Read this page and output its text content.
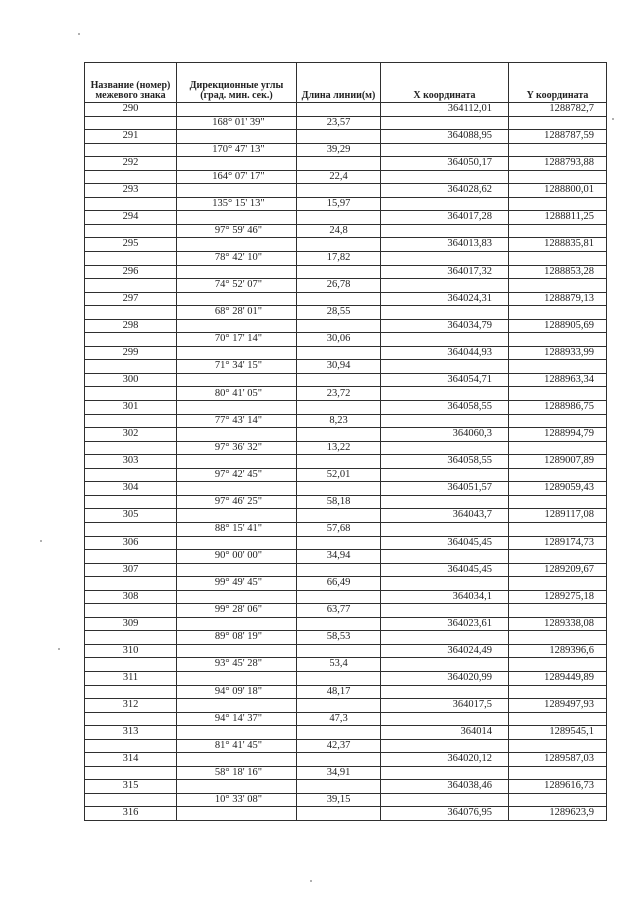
Название (номер) межевого знака	Дирекционные углы (град. мин. сек.)	Длина линии(м)	X координата	Y координата
290			364112,01	1288782,7
	168° 01' 39"	23,57		
291			364088,95	1288787,59
	170° 47' 13"	39,29		
292			364050,17	1288793,88
	164° 07' 17"	22,4		
293			364028,62	1288800,01
	135° 15' 13"	15,97		
294			364017,28	1288811,25
	97° 59' 46"	24,8		
295			364013,83	1288835,81
	78° 42' 10"	17,82		
296			364017,32	1288853,28
	74° 52' 07"	26,78		
297			364024,31	1288879,13
	68° 28' 01"	28,55		
298			364034,79	1288905,69
	70° 17' 14"	30,06		
299			364044,93	1288933,99
	71° 34' 15"	30,94		
300			364054,71	1288963,34
	80° 41' 05"	23,72		
301			364058,55	1288986,75
	77° 43' 14"	8,23		
302			364060,3	1288994,79
	97° 36' 32"	13,22		
303			364058,55	1289007,89
	97° 42' 45"	52,01		
304			364051,57	1289059,43
	97° 46' 25"	58,18		
305			364043,7	1289117,08
	88° 15' 41"	57,68		
306			364045,45	1289174,73
	90° 00' 00"	34,94		
307			364045,45	1289209,67
	99° 49' 45"	66,49		
308			364034,1	1289275,18
	99° 28' 06"	63,77		
309			364023,61	1289338,08
	89° 08' 19"	58,53		
310			364024,49	1289396,6
	93° 45' 28"	53,4		
311			364020,99	1289449,89
	94° 09' 18"	48,17		
312			364017,5	1289497,93
	94° 14' 37"	47,3		
313			364014	1289545,1
	81° 41' 45"	42,37		
314			364020,12	1289587,03
	58° 18' 16"	34,91		
315			364038,46	1289616,73
	10° 33' 08"	39,15		
316			364076,95	1289623,9
